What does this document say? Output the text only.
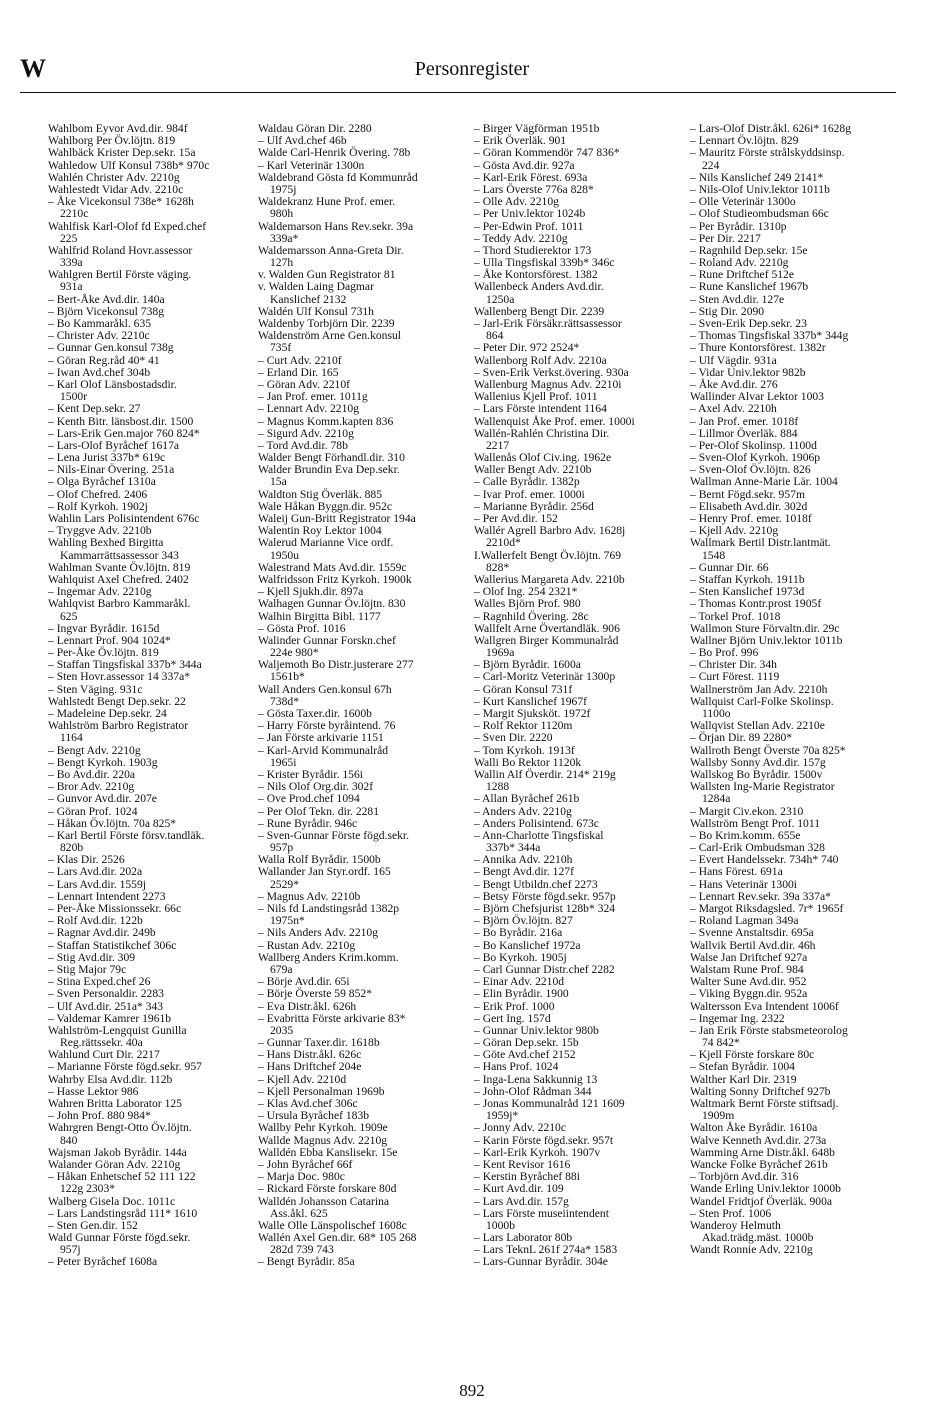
W	Personregister
Wahlbom Eyvor Avd.dir. 984f
Wahlborg Per Öv.löjtn. 819
Wahlbäck Krister Dep.sekr. 15a
Wahledow Ulf Konsul 738b* 970c
Wahlén Christer Adv. 2210g
Wahlestedt Vidar Adv. 2210c
– Åke Vicekonsul 738e* 1628h
2210c
Wahlfisk Karl-Olof fd Exped.chef
225
Wahlfrid Roland Hovr.assessor
339a
Wahlgren Bertil Förste väging.
931a
– Bert-Åke Avd.dir. 140a
– Björn Vicekonsul 738g
– Bo Kammaråkl. 635
– Christer Adv. 2210c
– Gunnar Gen.konsul 738g
– Göran Reg.råd 40* 41
– Iwan Avd.chef 304b
– Karl Olof Länsbostadsdir.
1500r
– Kent Dep.sekr. 27
– Kenth Bitr. länsbost.dir. 1500
– Lars-Erik Gen.major 760 824*
– Lars-Olof Byråchef 1617a
– Lena Jurist 337b* 619c
– Nils-Einar Övering. 251a
– Olga Byråchef 1310a
– Olof Chefred. 2406
– Rolf Kyrkoh. 1902j
Wahlin Lars Polisintendent 676c
– Tryggve Adv. 2210b
Wahling Bexhed Birgitta
Kammarrättsassessor 343
Wahlman Svante Öv.löjtn. 819
Wahlquist Axel Chefred. 2402
– Ingemar Adv. 2210g
Wahlqvist Barbro Kammaråkl.
625
– Ingvar Byrådir. 1615d
– Lennart Prof. 904 1024*
– Per-Åke Öv.löjtn. 819
– Staffan Tingsfiskal 337b* 344a
– Sten Hovr.assessor 14 337a*
– Sten Väging. 931c
Wahlstedt Bengt Dep.sekr. 22
– Madeleine Dep.sekr. 24
Wahlström Barbro Registrator
1164
– Bengt Adv. 2210g
– Bengt Kyrkoh. 1903g
– Bo Avd.dir. 220a
– Bror Adv. 2210g
– Gunvor Avd.dir. 207e
– Göran Prof. 1024
– Håkan Öv.löjtn. 70a 825*
– Karl Bertil Förste försv.tandläk.
820b
– Klas Dir. 2526
– Lars Avd.dir. 202a
– Lars Avd.dir. 1559j
– Lennart Intendent 2273
– Per-Åke Missionssekr. 66c
– Rolf Avd.dir. 122b
– Ragnar Avd.dir. 249b
– Staffan Statistikchef 306c
– Stig Avd.dir. 309
– Stig Major 79c
– Stina Exped.chef 26
– Sven Personaldir. 2283
– Ulf Avd.dir. 251a* 343
– Valdemar Kamrer 1961b
Wahlström-Lengquist Gunilla
Reg.rättssekr. 40a
Wahlund Curt Dir. 2217
– Marianne Förste fögd.sekr. 957
Wahrby Elsa Avd.dir. 112b
– Hasse Lektor 986
Wahren Britta Laborator 125
– John Prof. 880 984*
Wahrgren Bengt-Otto Öv.löjtn.
840
Wajsman Jakob Byrådir. 144a
Walander Göran Adv. 2210g
– Håkan Enhetschef 52 111 122
122g 2303*
Walberg Gisela Doc. 1011c
– Lars Landstingsråd 111* 1610
– Sten Gen.dir. 152
Wald Gunnar Förste fögd.sekr.
957j
– Peter Byråchef 1608a
Waldau Göran Dir. 2280
– Ulf Avd.chef 46b
Walde Carl-Henrik Övering. 78b
– Karl Veterinär 1300n
Waldebrand Gösta fd Kommunråd
1975j
Waldekranz Hune Prof. emer.
980h
Waldemarson Hans Rev.sekr. 39a
339a*
Waldemarsson Anna-Greta Dir.
127h
v. Walden Gun Registrator 81
v. Walden Laing Dagmar
Kanslichef 2132
Waldén Ulf Konsul 731h
Waldenby Torbjörn Dir. 2239
Waldenström Arne Gen.konsul
735f
– Curt Adv. 2210f
– Erland Dir. 165
– Göran Adv. 2210f
– Jan Prof. emer. 1011g
– Lennart Adv. 2210g
– Magnus Komm.kapten 836
– Sigurd Adv. 2210g
– Tord Avd.dir. 78b
Walder Bengt Förhandl.dir. 310
Walder Brundin Eva Dep.sekr.
15a
Waldton Stig Överläk. 885
Wale Håkan Byggn.dir. 952c
Waleij Gun-Britt Registrator 194a
Walentin Roy Lektor 1004
Walerud Marianne Vice ordf.
1950u
Walestrand Mats Avd.dir. 1559c
Walfridsson Fritz Kyrkoh. 1900k
– Kjell Sjukh.dir. 897a
Walhagen Gunnar Öv.löjtn. 830
Walhin Birgitta Bibl. 1177
– Gösta Prof. 1016
Walinder Gunnar Forskn.chef
224e 980*
Waljemoth Bo Distr.justerare 277
1561b*
Wall Anders Gen.konsul 67h
738d*
– Gösta Taxer.dir. 1600b
– Harry Förste byråintend. 76
– Jan Förste arkivarie 1151
– Karl-Arvid Kommunalråd
1965i
– Krister Byrådir. 156i
– Nils Olof Org.dir. 302f
– Ove Prod.chef 1094
– Per Olof Tekn. dir. 2281
– Rune Byrådir. 946c
– Sven-Gunnar Förste fögd.sekr.
957p
Walla Rolf Byrådir. 1500b
Wallander Jan Styr.ordf. 165
2529*
– Magnus Adv. 2210b
– Nils fd Landstingsråd 1382p
1975n*
– Nils Anders Adv. 2210g
– Rustan Adv. 2210g
Wallberg Anders Krim.komm.
679a
– Börje Avd.dir. 65i
– Börje Överste 59 852*
– Eva Distr.åkl. 626h
– Evabritta Förste arkivarie 83*
2035
– Gunnar Taxer.dir. 1618b
– Hans Distr.åkl. 626c
– Hans Driftchef 204e
– Kjell Adv. 2210d
– Kjell Personalman 1969b
– Klas Avd.chef 306c
– Ursula Byråchef 183b
Wallby Pehr Kyrkoh. 1909e
Wallde Magnus Adv. 2210g
Walldén Ebba Kanslisekr. 15e
– John Byråchef 66f
– Marja Doc. 980c
– Rickard Förste forskare 80d
Walldén Johansson Catarina
Ass.åkl. 625
Walle Olle Länspolischef 1608c
Wallén Axel Gen.dir. 68* 105 268
282d 739 743
– Bengt Byrådir. 85a
– Birger Vägförman 1951b
– Erik Överläk. 901
– Göran Kommendör 747 836*
– Gösta Avd.dir. 927a
– Karl-Erik Förest. 693a
– Lars Överste 776a 828*
– Olle Adv. 2210g
– Per Univ.lektor 1024b
– Per-Edwin Prof. 1011
– Teddy Adv. 2210g
– Thord Studierektor 173
– Ulla Tingsfiskal 339b* 346c
– Åke Kontorsförest. 1382
Wallenbeck Anders Avd.dir.
1250a
Wallenberg Bengt Dir. 2239
– Jarl-Erik Försäkr.rättsassessor
864
– Peter Dir. 972 2524*
Wallenborg Rolf Adv. 2210a
– Sven-Erik Verkst.övering. 930a
Wallenburg Magnus Adv. 2210i
Wallenius Kjell Prof. 1011
– Lars Förste intendent 1164
Wallenquist Åke Prof. emer. 1000i
Wallén-Rahlén Christina Dir.
2217
Wallenås Olof Civ.ing. 1962e
Waller Bengt Adv. 2210b
– Calle Byrådir. 1382p
– Ivar Prof. emer. 1000i
– Marianne Byrådir. 256d
– Per Avd.dir. 152
Wallér Agrell Barbro Adv. 1628j
2210d*
I.Wallerfelt Bengt Öv.löjtn. 769
828*
Wallerius Margareta Adv. 2210b
– Olof Ing. 254 2321*
Walles Björn Prof. 980
– Ragnhild Övering. 28c
Wallfelt Arne Övertandläk. 906
Wallgren Birger Kommunalråd
1969a
– Björn Byrådir. 1600a
– Carl-Moritz Veterinär 1300p
– Göran Konsul 731f
– Kurt Kanslichef 1967f
– Margit Sjuksköt. 1972f
– Rolf Rektor 1120m
– Sven Dir. 2220
– Tom Kyrkoh. 1913f
Walli Bo Rektor 1120k
Wallin Alf Överdir. 214* 219g
1288
– Allan Byråchef 261b
– Anders Adv. 2210g
– Anders Polisintend. 673c
– Ann-Charlotte Tingsfiskal
337b* 344a
– Annika Adv. 2210h
– Bengt Avd.dir. 127f
– Bengt Utbildn.chef 2273
– Betsy Förste fögd.sekr. 957p
– Björn Chefsjurist 128b* 324
– Björn Öv.löjtn. 827
– Bo Byrådir. 216a
– Bo Kanslichef 1972a
– Bo Kyrkoh. 1905j
– Carl Gunnar Distr.chef 2282
– Einar Adv. 2210d
– Elin Byrådir. 1900
– Erik Prof. 1000
– Gert Ing. 157d
– Gunnar Univ.lektor 980b
– Göran Dep.sekr. 15b
– Göte Avd.chef 2152
– Hans Prof. 1024
– Inga-Lena Sakkunnig 13
– John-Olof Rådman 344
– Jonas Kommunalråd 121 1609
1959j*
– Jonny Adv. 2210c
– Karin Förste fögd.sekr. 957t
– Karl-Erik Kyrkoh. 1907v
– Kent Revisor 1616
– Kerstin Byråchef 88i
– Kurt Avd.dir. 109
– Lars Avd.dir. 157g
– Lars Förste museiintendent
1000b
– Lars Laborator 80b
– Lars TeknL 261f 274a* 1583
– Lars-Gunnar Byrådir. 304e
– Lars-Olof Distr.åkl. 626i* 1628g
– Lennart Öv.löjtn. 829
– Mauritz Förste strålskyddsinsp.
224
– Nils Kanslichef 249 2141*
– Nils-Olof Univ.lektor 1011b
– Olle Veterinär 1300o
– Olof Studieombudsman 66c
– Per Byrådir. 1310p
– Per Dir. 2217
– Ragnhild Dep.sekr. 15e
– Roland Adv. 2210g
– Rune Driftchef 512e
– Rune Kanslichef 1967b
– Sten Avd.dir. 127e
– Stig Dir. 2090
– Sven-Erik Dep.sekr. 23
– Thomas Tingsfiskal 337b* 344g
– Thure Kontorsförest. 1382r
– Ulf Vägdir. 931a
– Vidar Univ.lektor 982b
– Åke Avd.dir. 276
Wallinder Alvar Lektor 1003
– Axel Adv. 2210h
– Jan Prof. emer. 1018f
– Lillmor Överläk. 884
– Per-Olof Skolinsp. 1100d
– Sven-Olof Kyrkoh. 1906p
– Sven-Olof Öv.löjtn. 826
Wallman Anne-Marie Lär. 1004
– Bernt Fögd.sekr. 957m
– Elisabeth Avd.dir. 302d
– Henry Prof. emer. 1018f
– Kjell Adv. 2210g
Wallmark Bertil Distr.lantmät.
1548
– Gunnar Dir. 66
– Staffan Kyrkoh. 1911b
– Sten Kanslichef 1973d
– Thomas Kontr.prost 1905f
– Torkel Prof. 1018
Wallmon Sture Förvaltn.dir. 29c
Wallner Björn Univ.lektor 1011b
– Bo Prof. 996
– Christer Dir. 34h
– Curt Förest. 1119
Wallnerström Jan Adv. 2210h
Wallquist Carl-Folke Skolinsp.
1100o
Wallqvist Stellan Adv. 2210e
– Örjan Dir. 89 2280*
Wallroth Bengt Överste 70a 825*
Wallsby Sonny Avd.dir. 157g
Wallskog Bo Byrådir. 1500v
Wallsten Ing-Marie Registrator
1284a
– Margit Civ.ekon. 2310
Wallström Bengt Prof. 1011
– Bo Krim.komm. 655e
– Carl-Erik Ombudsman 328
– Evert Handelssekr. 734h* 740
– Hans Förest. 691a
– Hans Veterinär 1300i
– Lennart Rev.sekr. 39a 337a*
– Margot Riksdagsled. 7r* 1965f
– Roland Lagman 349a
– Svenne Anstaltsdir. 695a
Wallvik Bertil Avd.dir. 46h
Walse Jan Driftchef 927a
Walstam Rune Prof. 984
Walter Sune Avd.dir. 952
– Viking Byggn.dir. 952a
Waltersson Eva Intendent 1006f
– Ingemar Ing. 2322
– Jan Erik Förste stabsmeteorolog
74 842*
– Kjell Förste forskare 80c
– Stefan Byrådir. 1004
Walther Karl Dir. 2319
Walting Sonny Driftchef 927b
Waltmark Bernt Förste stiftsadj.
1909m
Walton Åke Byrådir. 1610a
Walve Kenneth Avd.dir. 273a
Wamming Arne Distr.åkl. 648b
Wancke Folke Byråchef 261b
– Torbjörn Avd.dir. 316
Wande Erling Univ.lektor 1000b
Wandel Fridtjof Överläk. 900a
– Sten Prof. 1006
Wanderoy Helmuth
Akad.trädg.mäst. 1000b
Wandt Ronnie Adv. 2210g
892
